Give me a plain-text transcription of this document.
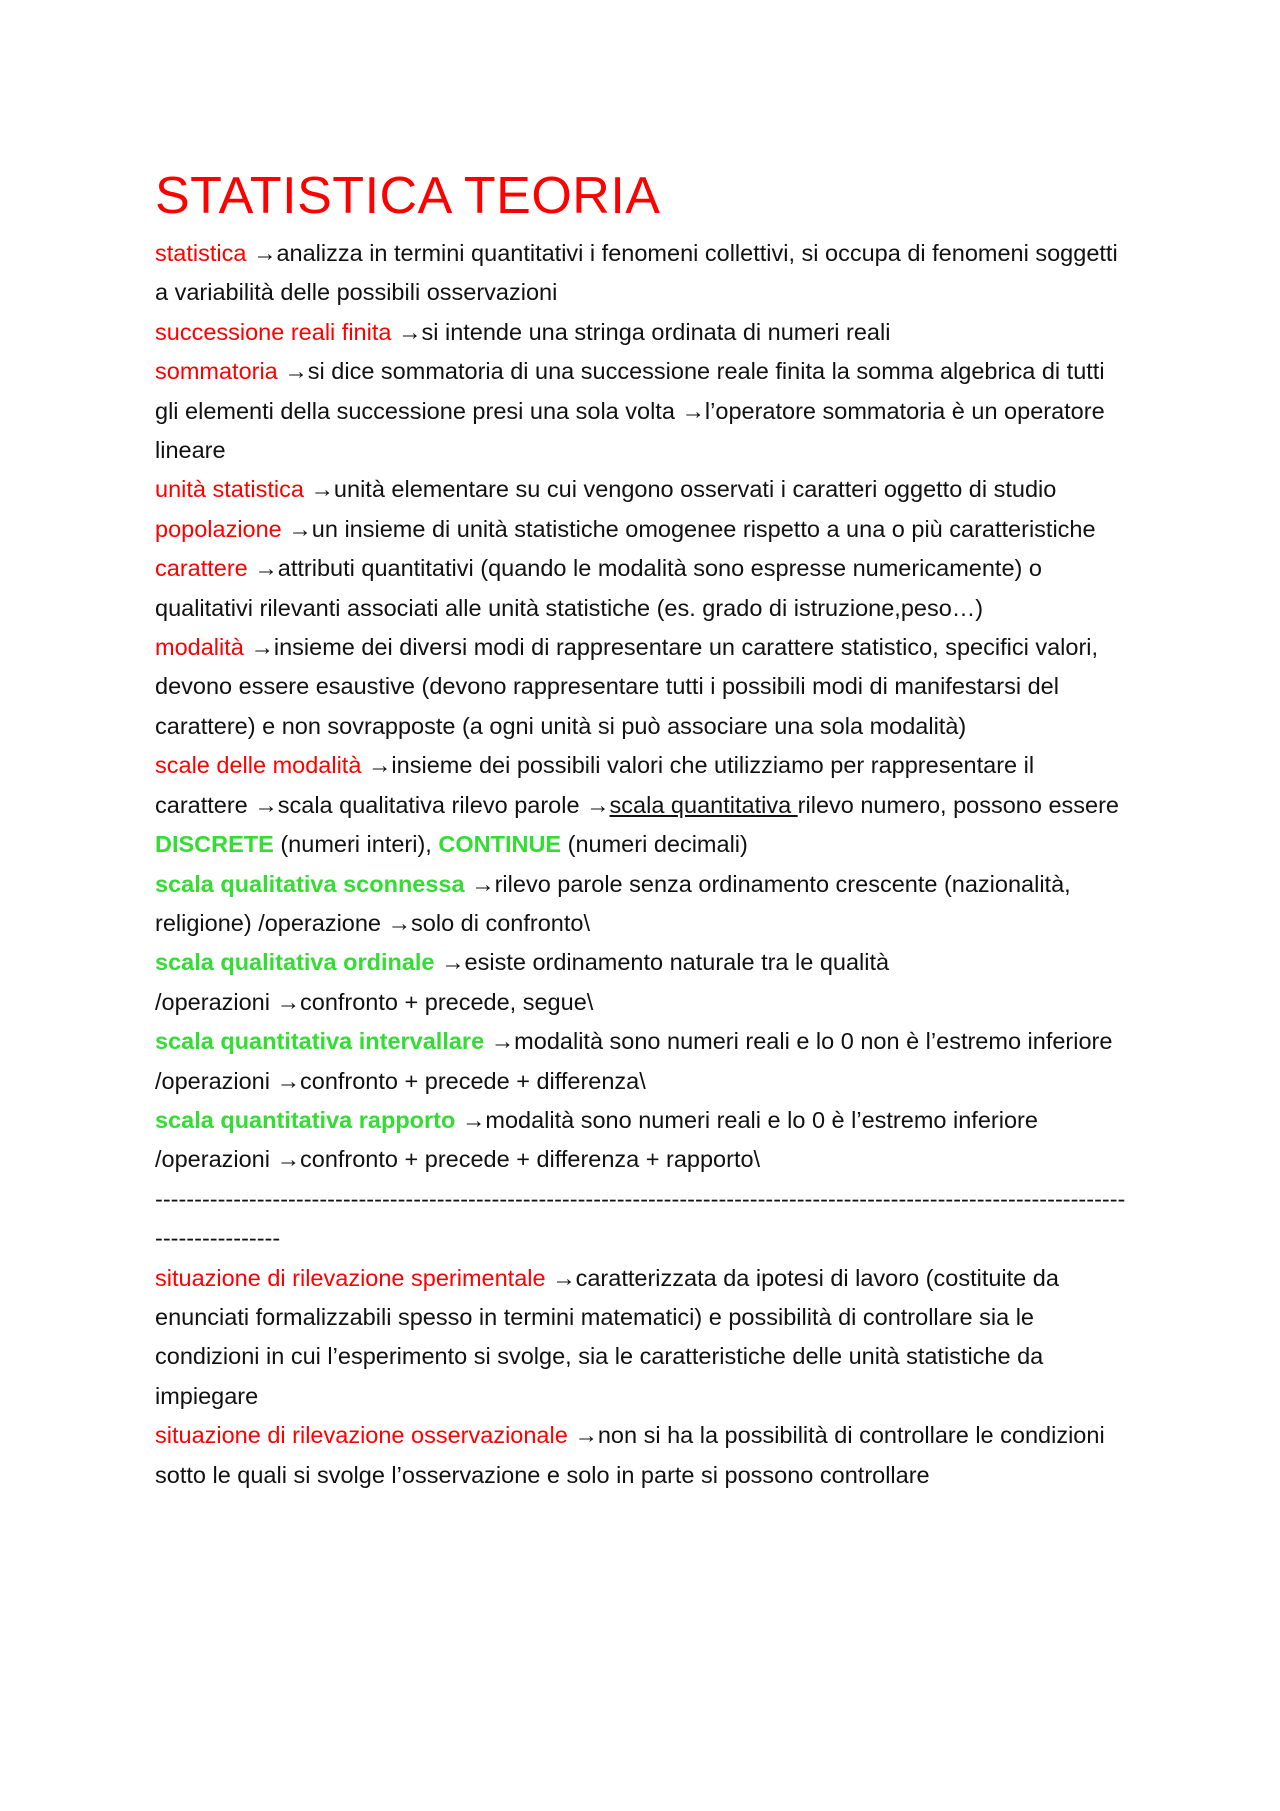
STATISTICA TEORIA

statistica →analizza in termini quantitativi i fenomeni collettivi, si occupa di fenomeni soggetti a variabilità delle possibili osservazioni

successione reali finita →si intende una stringa ordinata di numeri reali

sommatoria →si dice sommatoria di una successione reale finita la somma algebrica di tutti gli elementi della successione presi una sola volta →l’operatore sommatoria è un operatore lineare

unità statistica →unità elementare su cui vengono osservati i caratteri oggetto di studio

popolazione →un insieme di unità statistiche omogenee rispetto a una o più caratteristiche

carattere →attributi quantitativi (quando le modalità sono espresse numericamente) o qualitativi rilevanti associati alle unità statistiche (es. grado di istruzione,peso…)

modalità →insieme dei diversi modi di rappresentare un carattere statistico, specifici valori, devono essere esaustive (devono rappresentare tutti i possibili modi di manifestarsi del carattere) e non sovrapposte (a ogni unità si può associare una sola modalità)

scale delle modalità →insieme dei possibili valori che utilizziamo per rappresentare il carattere →scala qualitativa rilevo parole →scala quantitativa rilevo numero, possono essere DISCRETE (numeri interi), CONTINUE (numeri decimali)

scala qualitativa sconnessa →rilevo parole senza ordinamento crescente (nazionalità, religione) /operazione →solo di confronto\

scala qualitativa ordinale →esiste ordinamento naturale tra le qualità

/operazioni →confronto + precede, segue\

scala quantitativa intervallare →modalità sono numeri reali e lo 0 non è l’estremo inferiore

/operazioni →confronto + precede + differenza\

scala quantitativa rapporto →modalità sono numeri reali e lo 0 è l’estremo inferiore

/operazioni →confronto + precede + differenza + rapporto\

--------------------------------------------------------------------------------------------------------------------------------------------

situazione di rilevazione sperimentale →caratterizzata da ipotesi di lavoro (costituite da enunciati formalizzabili spesso in termini matematici) e possibilità di controllare sia le condizioni in cui l’esperimento si svolge, sia le caratteristiche delle unità statistiche da impiegare

situazione di rilevazione osservazionale →non si ha la possibilità di controllare le condizioni sotto le quali si svolge l’osservazione e solo in parte si possono controllare
